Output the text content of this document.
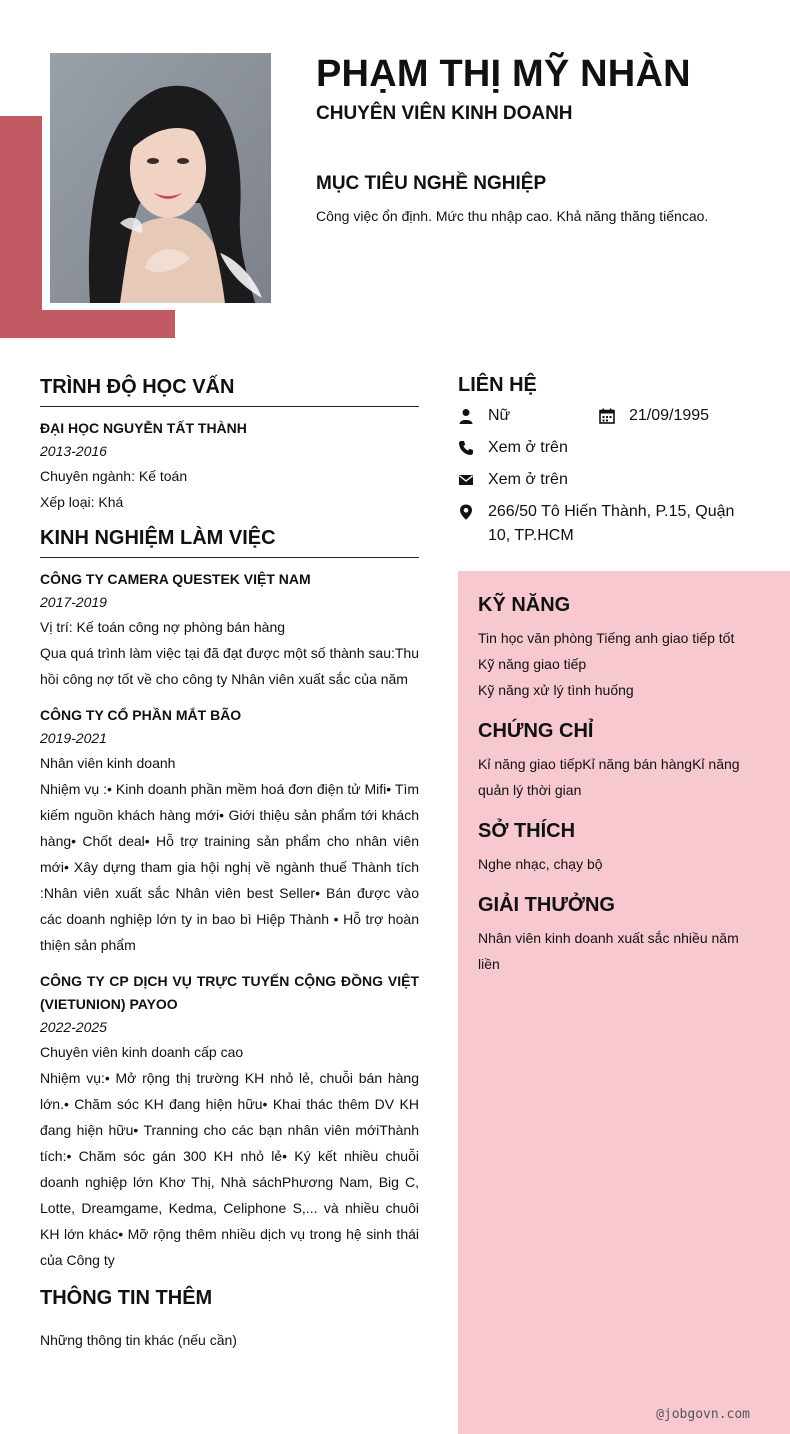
PHẠM THỊ MỸ NHÀN
CHUYÊN VIÊN KINH DOANH
MỤC TIÊU NGHỀ NGHIỆP
Công việc ổn định. Mức thu nhập cao. Khả năng thăng tiếncao.
TRÌNH ĐỘ HỌC VẤN
ĐẠI HỌC NGUYỄN TẤT THÀNH
2013-2016
Chuyên ngành: Kế toán
Xếp loại: Khá
KINH NGHIỆM LÀM VIỆC
CÔNG TY CAMERA QUESTEK VIỆT NAM
2017-2019
Vị trí: Kế toán công nợ phòng bán hàng
Qua quá trình làm việc tại đã đạt được một số thành sau:Thu hồi công nợ tốt về cho công ty Nhân viên xuất sắc của năm
CÔNG TY CỔ PHẦN MẮT BÃO
2019-2021
Nhân viên kinh doanh
Nhiệm vụ :• Kinh doanh phần mềm hoá đơn điện tử Mifi• Tìm kiếm nguồn khách hàng mới• Giới thiệu sản phẩm tới khách hàng• Chốt deal• Hỗ trợ training sản phẩm cho nhân viên mới• Xây dựng tham gia hội nghị về ngành thuế Thành tích :Nhân viên xuất sắc Nhân viên best Seller• Bán được vào các doanh nghiệp lớn ty in bao bì Hiệp Thành • Hỗ trợ hoàn thiện sản phẩm
CÔNG TY CP DỊCH VỤ TRỰC TUYẾN CỘNG ĐỒNG VIỆT (VIETUNION) PAYOO
2022-2025
Chuyên viên kinh doanh cấp cao
Nhiệm vụ:• Mở rộng thị trường KH nhỏ lẻ, chuỗi bán hàng lớn.• Chăm sóc KH đang hiện hữu• Khai thác thêm DV KH đang hiện hữu• Tranning cho các bạn nhân viên mớiThành tích:• Chăm sóc gán 300 KH nhỏ lẻ• Ký kết nhiều chuỗi doanh nghiệp lớn Khơ Thị, Nhà sáchPhương Nam, Big C, Lotte, Dreamgame, Kedma, Celiphone S,... và nhiều chuôi KH lớn khác• Mỡ rộng thêm nhiều dịch vụ trong hệ sinh thái của Công ty
THÔNG TIN THÊM
Những thông tin khác (nếu cần)
LIÊN HỆ
Nữ	21/09/1995
Xem ở trên
Xem ở trên
266/50 Tô Hiến Thành, P.15, Quận 10, TP.HCM
KỸ NĂNG
Tin học văn phòng Tiếng anh giao tiếp tốt
Kỹ năng giao tiếp
Kỹ năng xử lý tình huống
CHỨNG CHỈ
Kỉ năng giao tiếpKỉ năng bán hàngKỉ năng quản lý thời gian
SỞ THÍCH
Nghe nhạc, chạy bộ
GIẢI THƯỞNG
Nhân viên kinh doanh xuất sắc nhiều năm liền
@jobgovn.com
